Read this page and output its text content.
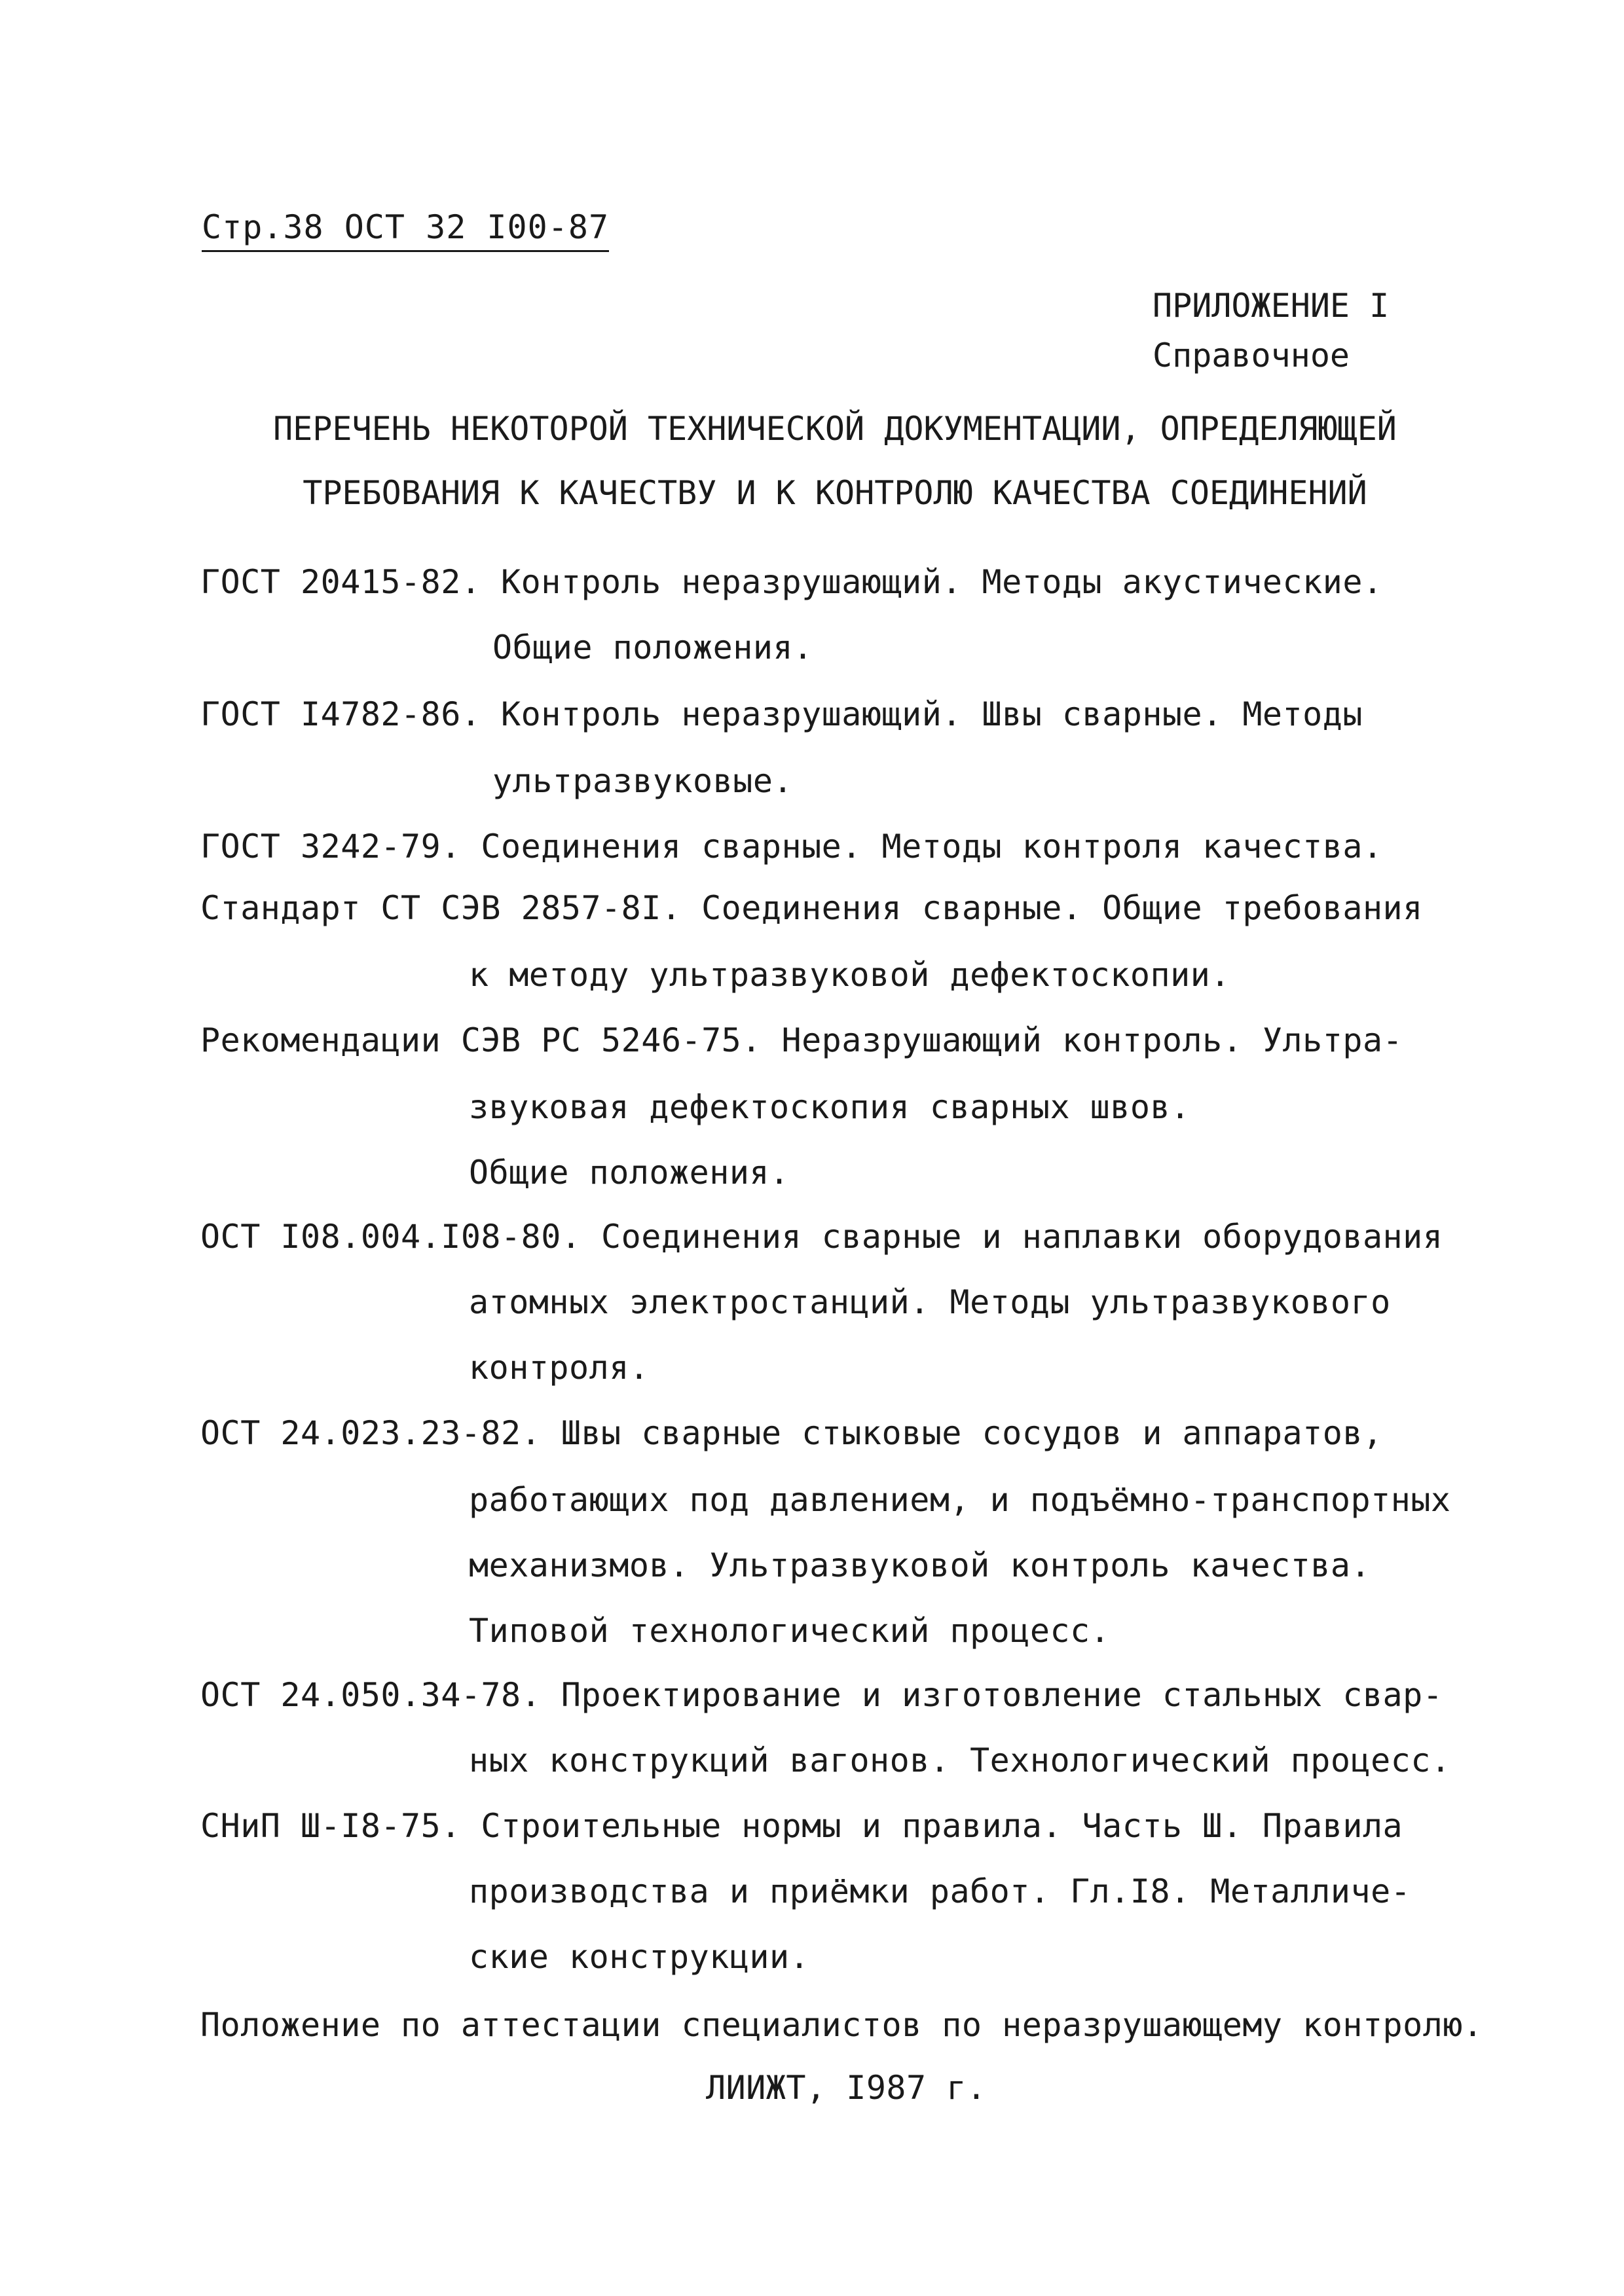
Стр.38 ОСТ 32 I00-87
ПРИЛОЖЕНИЕ I
Справочное
ПЕРЕЧЕНЬ НЕКОТОРОЙ ТЕХНИЧЕСКОЙ ДОКУМЕНТАЦИИ, ОПРЕДЕЛЯЮЩЕЙ
ТРЕБОВАНИЯ К КАЧЕСТВУ И К КОНТРОЛЮ КАЧЕСТВА СОЕДИНЕНИЙ
ГОСТ 20415-82. Контроль неразрушающий. Методы акустические.
Общие положения.
ГОСТ I4782-86. Контроль неразрушающий. Швы сварные. Методы
ультразвуковые.
ГОСТ 3242-79. Соединения сварные. Методы контроля качества.
Стандарт СТ СЭВ 2857-8I. Соединения сварные. Общие требования
к методу ультразвуковой дефектоскопии.
Рекомендации СЭВ РС 5246-75. Неразрушающий контроль. Ультра-
звуковая дефектоскопия сварных швов.
Общие положения.
ОСТ I08.004.I08-80. Соединения сварные и наплавки оборудования
атомных электростанций. Методы ультразвукового
контроля.
ОСТ 24.023.23-82. Швы сварные стыковые сосудов и аппаратов,
работающих под давлением, и подъёмно-транспортных
механизмов. Ультразвуковой контроль качества.
Типовой технологический процесс.
ОСТ 24.050.34-78. Проектирование и изготовление стальных свар-
ных конструкций вагонов. Технологический процесс.
СНиП Ш-I8-75. Строительные нормы и правила. Часть Ш. Правила
производства и приёмки работ. Гл.I8. Металличе-
ские конструкции.
Положение по аттестации специалистов по неразрушающему контролю.
ЛИИЖТ, I987 г.
